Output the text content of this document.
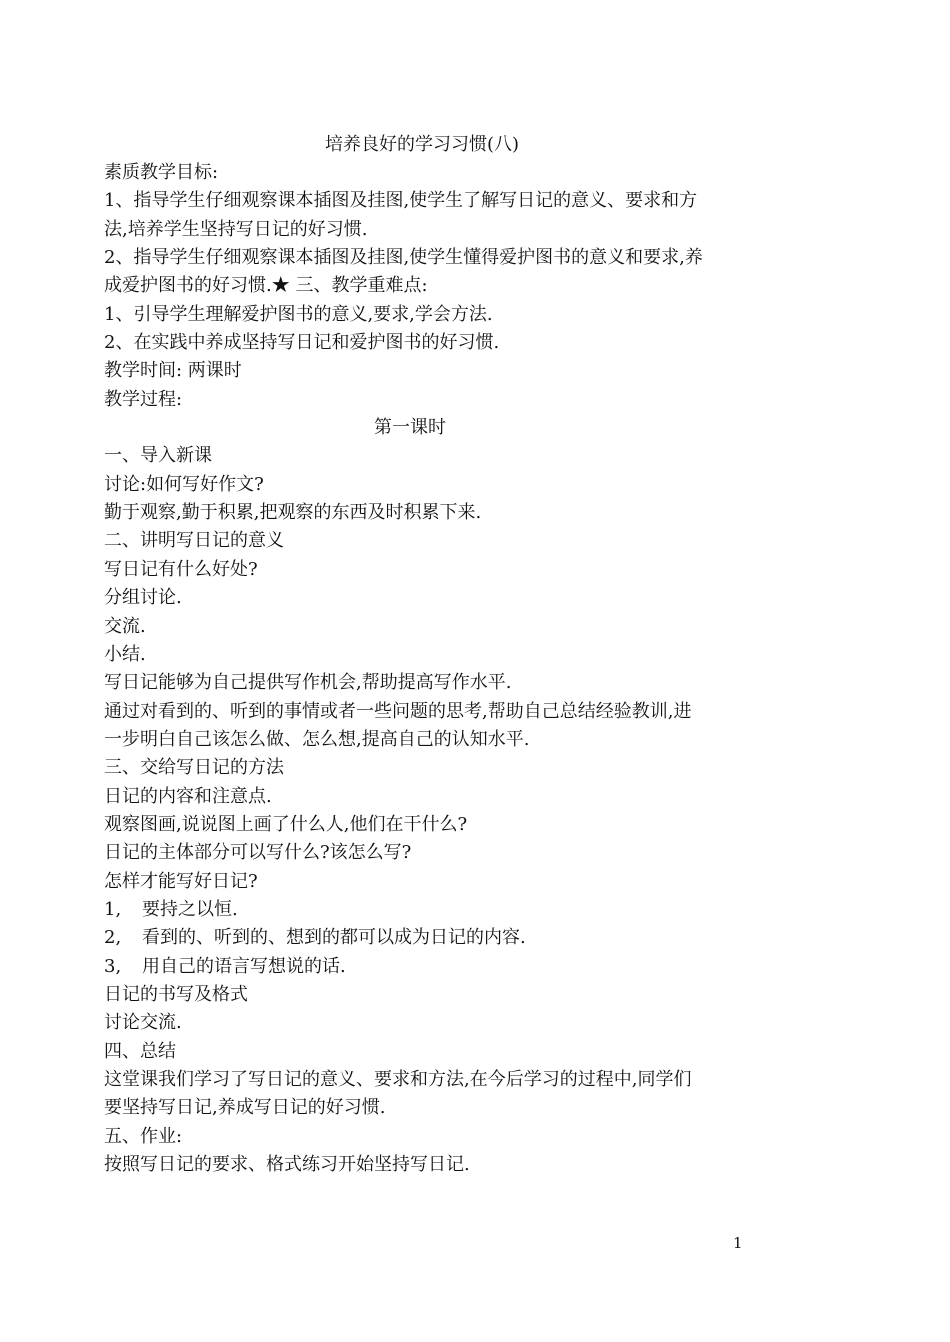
培养良好的学习习惯(八)
素质教学目标:
1、指导学生仔细观察课本插图及挂图,使学生了解写日记的意义、要求和方
法,培养学生坚持写日记的好习惯.
2、指导学生仔细观察课本插图及挂图,使学生懂得爱护图书的意义和要求,养
成爱护图书的好习惯.★ 三、教学重难点:
1、引导学生理解爱护图书的意义,要求,学会方法.
2、在实践中养成坚持写日记和爱护图书的好习惯.
教学时间: 两课时
教学过程:
第一课时
一、导入新课
讨论:如何写好作文?
勤于观察,勤于积累,把观察的东西及时积累下来.
二、讲明写日记的意义
写日记有什么好处?
分组讨论.
交流.
小结.
写日记能够为自己提供写作机会,帮助提高写作水平.
通过对看到的、听到的事情或者一些问题的思考,帮助自己总结经验教训,进
一步明白自己该怎么做、怎么想,提高自己的认知水平.
三、交给写日记的方法
日记的内容和注意点.
观察图画,说说图上画了什么人,他们在干什么?
日记的主体部分可以写什么?该怎么写?
怎样才能写好日记?
1, 要持之以恒.
2, 看到的、听到的、想到的都可以成为日记的内容.
3, 用自己的语言写想说的话.
日记的书写及格式
讨论交流.
四、总结
这堂课我们学习了写日记的意义、要求和方法,在今后学习的过程中,同学们
要坚持写日记,养成写日记的好习惯.
五、作业:
按照写日记的要求、格式练习开始坚持写日记.
1
